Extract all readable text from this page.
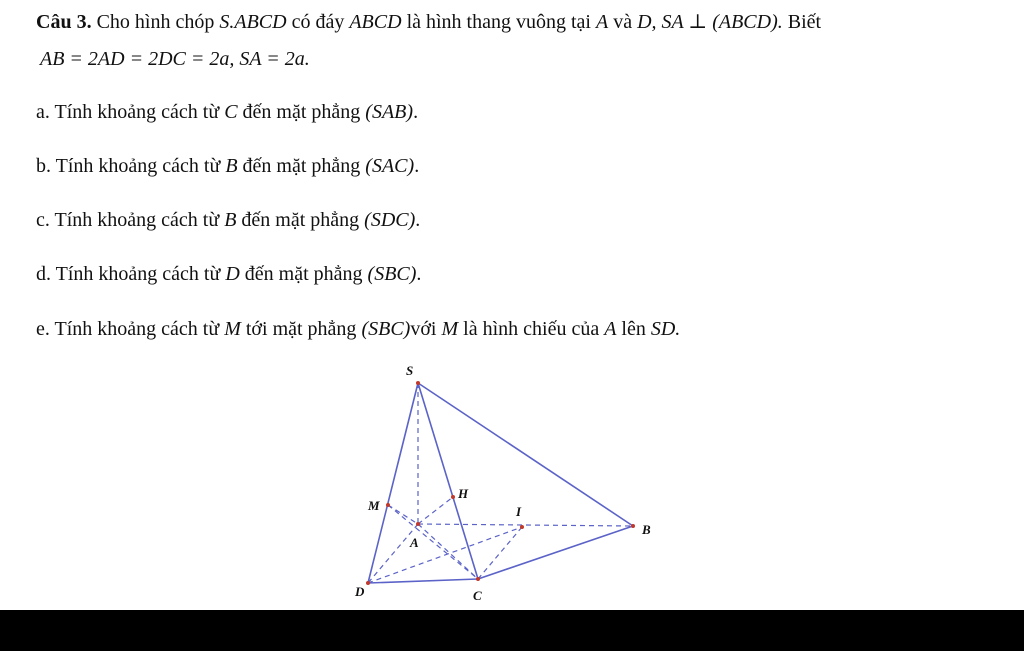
Câu 3. Cho hình chóp S.ABCD có đáy ABCD là hình thang vuông tại A và D, SA ⊥ (ABCD). Biết
AB = 2AD = 2DC = 2a, SA = 2a.
a. Tính khoảng cách từ C đến mặt phẳng (SAB).
b. Tính khoảng cách từ B đến mặt phẳng (SAC).
c. Tính khoảng cách từ B đến mặt phẳng (SDC).
d. Tính khoảng cách từ D đến mặt phẳng (SBC).
e. Tính khoảng cách từ M tới mặt phẳng (SBC)với M là hình chiếu của A lên SD.
S
M
H
I
A
B
D	C
